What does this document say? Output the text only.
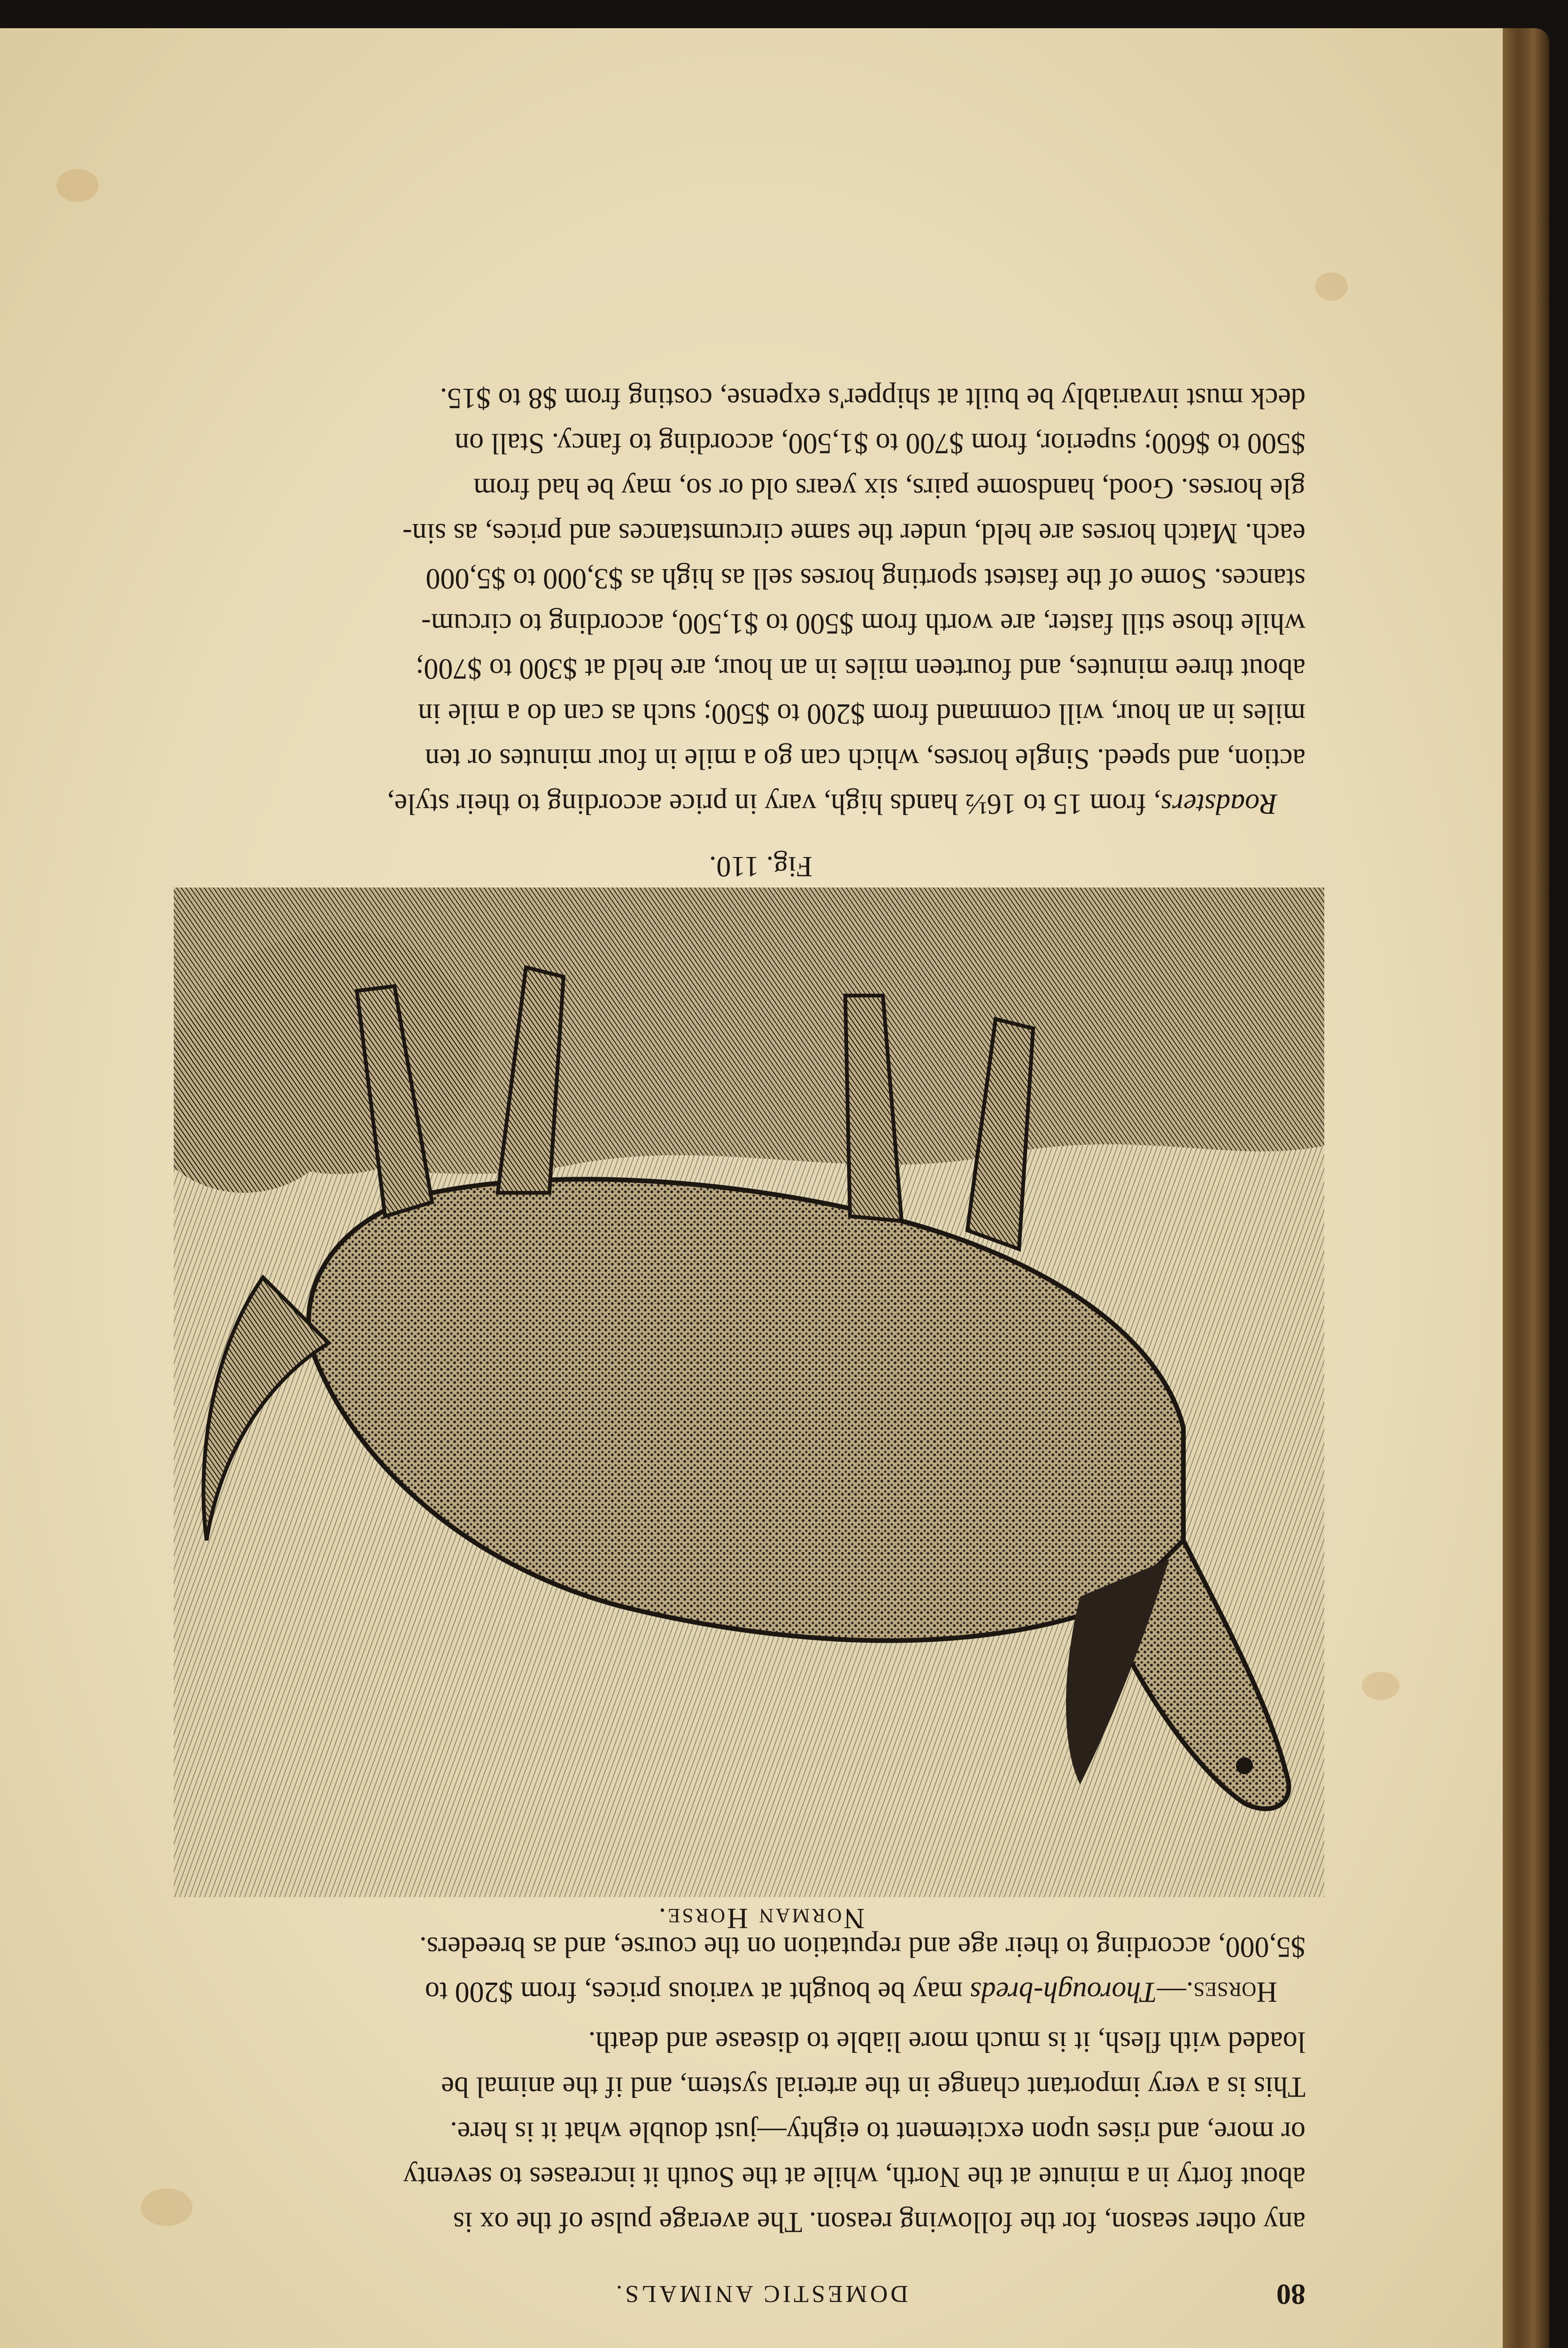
80
DOMESTIC ANIMALS.

any other season, for the following reason. The average pulse of the ox is

about forty in a minute at the North, while at the South it increases to seventy

or more, and rises upon excitement to eighty—just double what it is here.

This is a very important change in the arterial system, and if the animal be

loaded with flesh, it is much more liable to disease and death.

Horses.—Thorough-breds may be bought at various prices, from $200 to

$5,000, according to their age and reputation on the course, and as breeders.

Norman Horse.
Fig. 110.

Roadsters, from 15 to 16½ hands high, vary in price according to their style,

action, and speed. Single horses, which can go a mile in four minutes or ten

miles in an hour, will command from $200 to $500; such as can do a mile in

about three minutes, and fourteen miles in an hour, are held at $300 to $700;

while those still faster, are worth from $500 to $1,500, according to circum-

stances. Some of the fastest sporting horses sell as high as $3,000 to $5,000

each. Match horses are held, under the same circumstances and prices, as sin-

gle horses. Good, handsome pairs, six years old or so, may be had from

$500 to $600; superior, from $700 to $1,500, according to fancy. Stall on

deck must invariably be built at shipper's expense, costing from $8 to $15.
